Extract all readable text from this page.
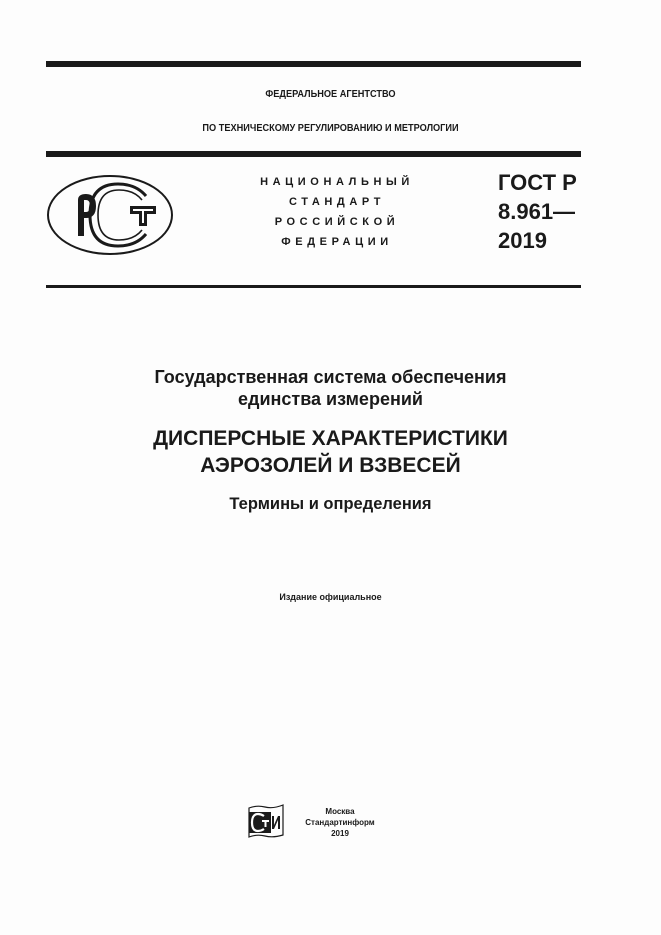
ФЕДЕРАЛЬНОЕ АГЕНТСТВО
ПО ТЕХНИЧЕСКОМУ РЕГУЛИРОВАНИЮ И МЕТРОЛОГИИ
НАЦИОНАЛЬНЫЙ
СТАНДАРТ
РОССИЙСКОЙ
ФЕДЕРАЦИИ
ГОСТ Р
8.961—
2019
Государственная система обеспечения
единства измерений
ДИСПЕРСНЫЕ ХАРАКТЕРИСТИКИ
АЭРОЗОЛЕЙ И ВЗВЕСЕЙ
Термины и определения
Издание официальное
Москва
Стандартинформ
2019
